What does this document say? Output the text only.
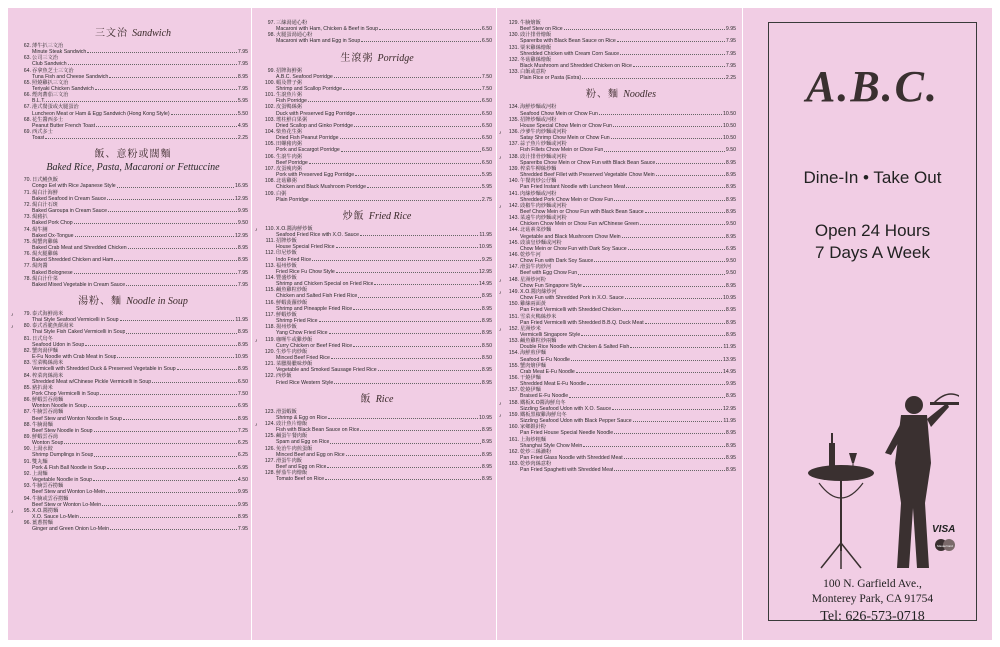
三文治 Sandwich
62. 薄牛扒三文治
Minute Steak Sandwich	7.95
63. 公司三文治
Club Sandwich	7.95
64. 吞拿魚芝士三文治
Tuna Fish and Cheese Sandwich	8.95
65. 照燒雞扒三文治
Teriyaki Chicken Sandwich	7.95
66. 煙肉蕃茄三文治
B.L.T.	5.95
67. 港式餐蛋或火腿蛋治
Luncheon Meat or Ham & Egg Sandwich (Hong Kong Style)	5.50
68. 花生醬西多士
Peanut Butter French Toast	4.95
69. 西式多士
Toast	2.25
飯、意粉或闊麵
Baked Rice, Pasta, Macaroni or Fettuccine
70. 日式鰻魚飯
Congo Eel with Rice Japanese Style	16.95
71. 焗白汁海鮮
Baked Seafood in Cream Sauce	12.95
72. 焗白汁石斑
Baked Garoupa in Cream Sauce	9.95
73. 焗豬扒
Baked Pork Chop	9.50
74. 焗牛脷
Baked Ox-Tongue	12.95
75. 焗蟹肉雞絲
Baked Crab Meat and Shredded Chicken	8.95
76. 焗火腿雞絲
Baked Shredded Chicken and Ham	8.95
77. 焗肉醬
Baked Bolognese	7.95
78. 焗白汁什菜
Baked Mixed Vegetable in Cream Sauce	7.95
湯粉、麵 Noodle in Soup
♪	79. 泰式海鮮湯米
Thai Style Seafood Vermicelli in Soup	11.95
♪	80. 泰式香脆魚餅湯米
Thai Style Fish Caked Vermicelli in Soup	8.95
81. 日式烏冬
Seafood Udon in Soup	8.95
82. 蟹肉湯伊麵
E-Fu Noodle with Crab Meat in Soup	10.95
83. 雪菜鴨絲湯米
Vermicelli with Shredded Duck & Preserved Vegetable in Soup	8.95
84. 榨菜肉絲湯米
Shredded Meat w/Chinese Pickle Vermicelli in Soup	6.50
85. 豬扒湯米
Pork Chop Vermicelli in Soup	7.50
86. 鮮蝦雲吞湯麵
Wonton Noodle in Soup	6.95
87. 牛腩雲吞湯麵
Beef Stew and Wonton Noodle in Soup	8.95
88. 牛腩湯麵
Beef Stew Noodle in Soup	7.25
89. 鮮蝦雲吞湯
Wonton Soup	6.25
90. 上湯水餃
Shrimp Dumplings in Soup	6.25
91. 雙丸麵
Pork & Fish Ball Noodle in Soup	6.95
92. 上湯麵
Vegetable Noodle in Soup	4.50
93. 牛腩雲吞撈麵
Beef Stew and Wonton Lo-Mein	9.95
94. 牛腩或雲吞撈麵
Beef Stew or Wonton Lo-Mein	9.95
♪	95. X.O.醬撈麵
X.O. Sauce Lo-Mein	8.95
96. 薑蔥撈麵
Ginger and Green Onion Lo-Mein	7.95
97. 三絲湯通心粉
Macaroni with Ham, Chicken & Beef in Soup	6.50
98. 火腿蛋湯通心粉
Macaroni with Ham and Egg in Soup	6.50
生滾粥 Porridge
99. 招牌海鮮粥
A.B.C. Seafood Porridge	7.50
100. 蝦及帶子粥
Shrimp and Scallop Porridge	7.50
101. 生滾魚片粥
Fish Porridge	6.50
102. 皮蛋鴨絲粥
Duck with Preserved Egg Porridge	6.50
103. 瑤柱鮮白果粥
Dried Scallop and Ginko Porridge	6.50
104. 柴魚花生粥
Dried Fish Peanut Porridge	6.50
105. 田螺豬肉粥
Pork and Escargot Porridge	6.50
106. 生滾牛肉粥
Beef Porridge	6.50
107. 皮蛋瘦肉粥
Pork with Preserved Egg Porridge	5.95
108. 北菇雞粥
Chicken and Black Mushroom Porridge	5.95
109. 白粥
Plain Porridge	2.75
炒飯 Fried Rice
♪	110. X.O.醬海鮮炒飯
Seafood Fried Rice with X.O. Sauce	11.95
111. 招牌炒飯
House Special Fried Rice	10.95
112. 印尼炒飯
Indo Fried Rice	9.25
113. 福州炒飯
Fried Rice Fu Chow Style	12.95
114. 豐盛炒飯
Shrimp and Chicken Special on Fried Rice	14.95
115. 鹹魚雞粒炒飯
Chicken and Salted Fish Fried Rice	8.95
116. 鮮蝦菠蘿炒飯
Shrimp and Pineapple Fried Rice	8.95
117. 鮮蝦炒飯
Shrimp Fried Rice	8.95
118. 揚州炒飯
Yang Chow Fried Rice	8.95
♪	119. 咖喱牛或雞炒飯
Curry Chicken or Beef Fried Rice	8.50
120. 生炒牛肉炒飯
Minced Beef Fried Rice	8.50
121. 菜臘腸臘味炒飯
Vegetable and Smoked Sausage Fried Rice	8.95
122. 西炒飯
Fried Rice Western Style	8.95
飯 Rice
123. 滑蛋蝦飯
Shrimp & Egg on Rice	10.95
♪	124. 豉汁魚片燴飯
Fish with Black Bean Sauce on Rice	8.95
125. 鹹蛋午餐肉飯
Spam and Egg on Rice	8.95
126. 免治牛肉煎蛋飯
Minced Beef and Egg on Rice	8.95
127. 滑蛋牛肉飯
Beef and Egg on Rice	8.95
128. 鮮茄牛肉燴飯
Tomato Beef on Rice	8.95
129. 牛腩燴飯
Beef Stew on Rice	9.95
130. 豉汁排骨燴飯
Spareribs with Black Bean Sauce on Rice	7.95
131. 粟米雞絲燴飯
Shredded Chicken with Cream Corn Sauce	7.95
132. 冬菇雞絲燴飯
Black Mushroom and Shredded Chicken on Rice	7.95
133. 白飯或意粉
Plain Rice or Pasta (Extra)	2.25
粉、麵 Noodles
134. 海鮮炒麵或河粉
Seafood Chow Mein or Chow Fun	10.50
135. 招牌炒麵或河粉
House Special Chow Mein or Chow Fun	10.50
♪	136. 沙爹牛肉炒麵或河粉
Satay Shrimp Chow Mein or Chow Fun	10.50
137. 蒜子魚片炒麵或河粉
Fish Fillets Chow Mein or Chow Fun	9.50
♪	138. 豉汁排骨炒麵或河粉
Spareribs Chow Mein or Chow Fun with Black Bean Sauce	8.95
139. 榨菜牛柳絲炒麵
Shredded Beef Fillet with Preserved Vegetable Chow Mein	8.95
140. 午餐肉炒公仔麵
Pan Fried Instant Noodle with Luncheon Meat	8.95
141. 肉絲炒麵或河粉
Shredded Pork Chow Mein or Chow Fun	8.95
♪	142. 豉椒牛肉炒麵或河粉
Beef Chow Mein or Chow Fun with Black Bean Sauce	8.95
143. 菜遠牛肉炒麵或河粉
Chicken Chow Mein or Chow Fun w/Chinese Green	9.50
144. 北菇素菜炒麵
Vegetable and Black Mushroom Chow Mein	8.95
145. 豉油皇炒麵或河粉
Chow Mein or Chow Fun with Dark Soy Sauce	6.95
146. 乾炒牛河
Chow Fun with Dark Soy Sauce	9.50
147. 滑蛋牛肉炒河
Beef with Egg Chow Fun	9.50
♪	148. 星洲炒河粉
Chow Fun Singapore Style	8.95
♪	149. X.O.醬肉絲炒河
Chow Fun with Shredded Pork in X.O. Sauce	10.95
150. 雞絲兩面黃
Pan Fried Vermicelli with Shredded Chicken	8.95
151. 雪菜火鴨絲炒米
Pan Fried Vermicelli with Shredded B.B.Q. Duck Meat	8.95
♪	152. 星洲炒米
Vermicelli Singapore Style	8.95
153. 鹹魚雞粒炒兩麵
Double Rice Noodle with Chicken & Salted Fish	11.95
154. 海鮮煎伊麵
Seafood E-Fu Noodle	13.95
155. 蟹肉燴伊麵
Crab Meat E-Fu Noodle	14.95
156. 干燒伊麵
Shredded Meat E-Fu Noodle	9.95
157. 乾燒伊麵
Braised E-Fu Noodle	8.95
♪	158. 鐵板X.O醬海鮮烏冬
Sizzling Seafood Udon with X.O. Sauce	12.95
♪	159. 鐵板黑椒雞海鮮烏冬
Sizzling Seafood Udon with Black Pepper Sauce	11.95
160. 家鄉銀針粉
Pan Fried House Special Needle Noodle	8.95
161. 上海炒粗麵
Shanghai Style Chow Mein	8.95
162. 乾炒三絲瀨粉
Pan Fried Glass Noodle with Shredded Meat	8.95
163. 乾炒肉絲意粉
Pan Fried Spaghetti with Shredded Meat	8.95
A.B.C.
Dine-In • Take Out
Open 24 Hours
7 Days A Week
VISA
MasterCard
100 N. Garfield Ave.,
Monterey Park, CA 91754
Tel: 626-573-0718
